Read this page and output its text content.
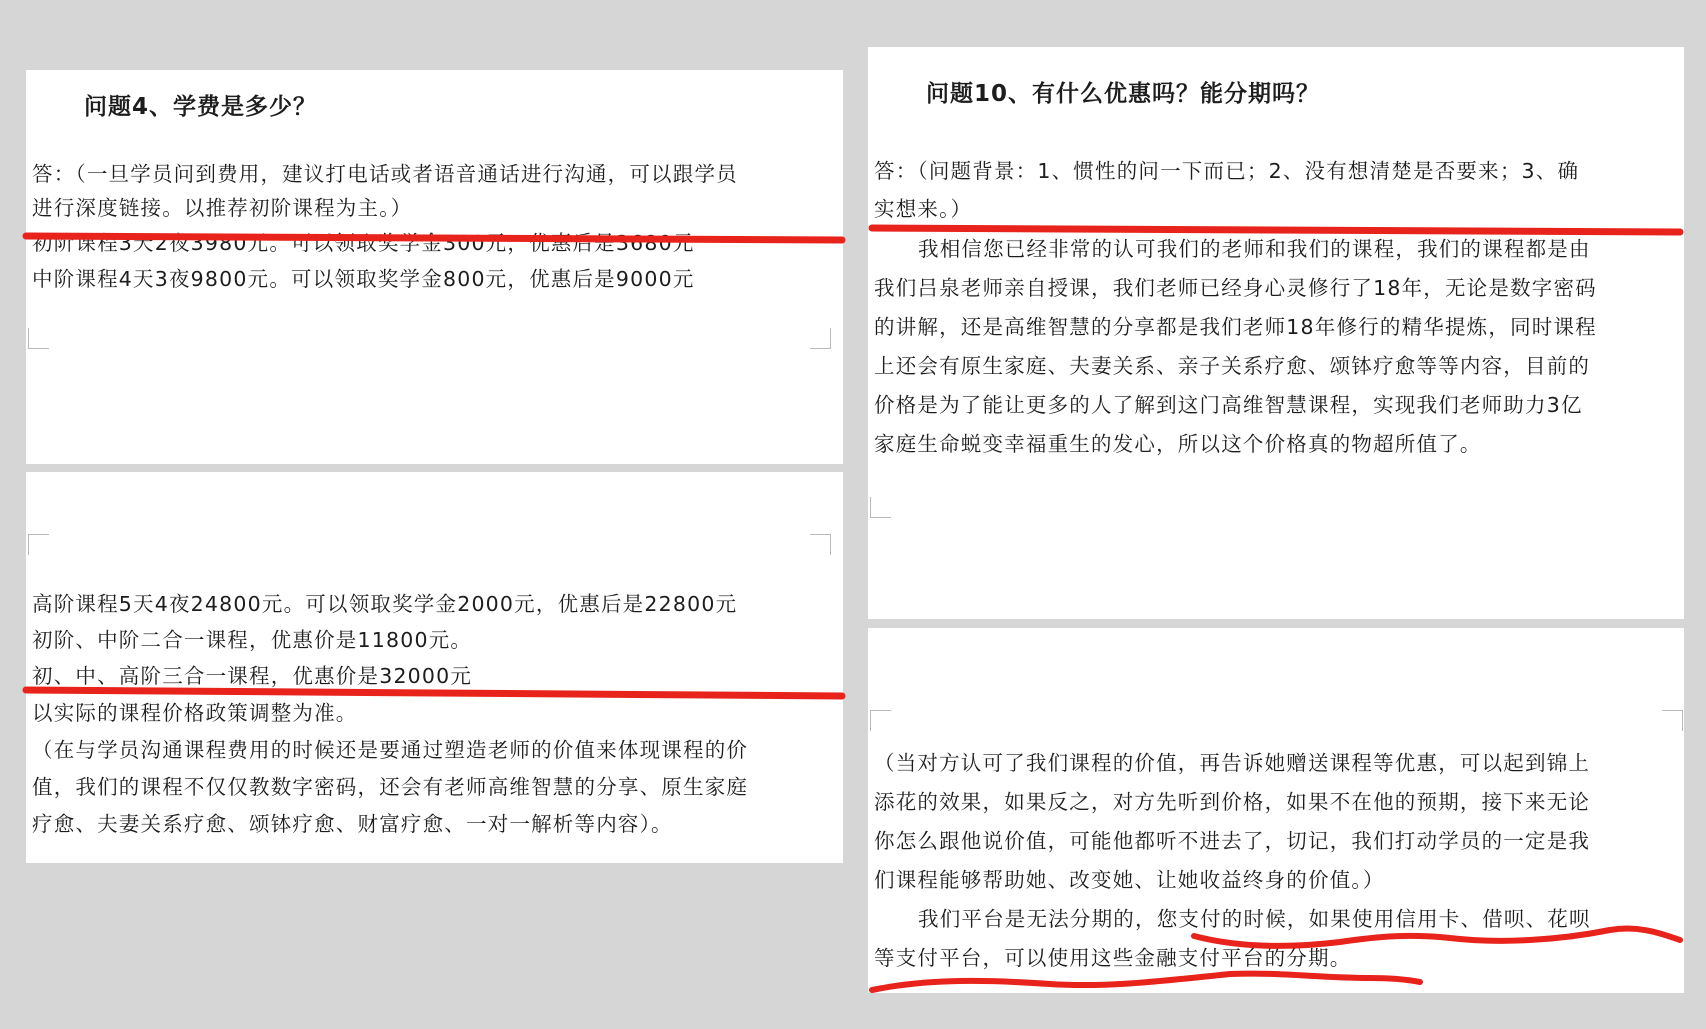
问题4、学费是多少？

答：（一旦学员问到费用，建议打电话或者语音通话进行沟通，可以跟学员

进行深度链接。以推荐初阶课程为主。）

初阶课程3天2夜3980元。可以领取奖学金300元，优惠后是3680元

中阶课程4天3夜9800元。可以领取奖学金800元，优惠后是9000元

高阶课程5天4夜24800元。可以领取奖学金2000元，优惠后是22800元

初阶、中阶二合一课程，优惠价是11800元。

初、中、高阶三合一课程，优惠价是32000元

以实际的课程价格政策调整为准。

（在与学员沟通课程费用的时候还是要通过塑造老师的价值来体现课程的价

值，我们的课程不仅仅教数字密码，还会有老师高维智慧的分享、原生家庭

疗愈、夫妻关系疗愈、颂钵疗愈、财富疗愈、一对一解析等内容）。

问题10、有什么优惠吗？能分期吗？

答：（问题背景：1、惯性的问一下而已；2、没有想清楚是否要来；3、确

实想来。）

我相信您已经非常的认可我们的老师和我们的课程，我们的课程都是由

我们吕泉老师亲自授课，我们老师已经身心灵修行了18年，无论是数字密码

的讲解，还是高维智慧的分享都是我们老师18年修行的精华提炼，同时课程

上还会有原生家庭、夫妻关系、亲子关系疗愈、颂钵疗愈等等内容，目前的

价格是为了能让更多的人了解到这门高维智慧课程，实现我们老师助力3亿

家庭生命蜕变幸福重生的发心，所以这个价格真的物超所值了。

（当对方认可了我们课程的价值，再告诉她赠送课程等优惠，可以起到锦上

添花的效果，如果反之，对方先听到价格，如果不在他的预期，接下来无论

你怎么跟他说价值，可能他都听不进去了，切记，我们打动学员的一定是我

们课程能够帮助她、改变她、让她收益终身的价值。）

我们平台是无法分期的，您支付的时候，如果使用信用卡、借呗、花呗

等支付平台，可以使用这些金融支付平台的分期。
